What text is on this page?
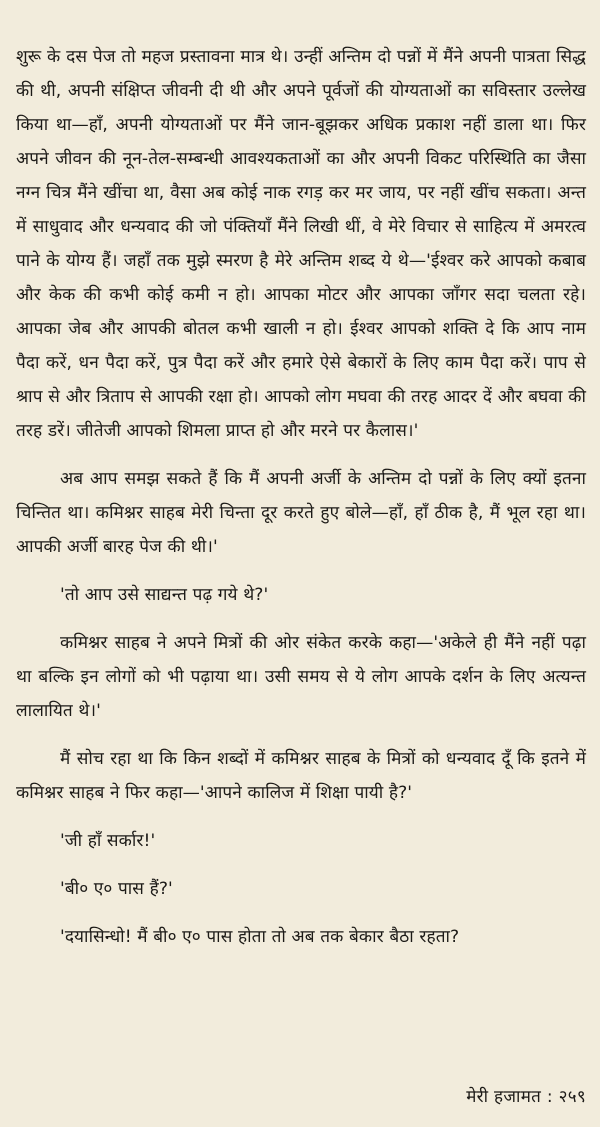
शुरू के दस पेज तो महज प्रस्तावना मात्र थे। उन्हीं अन्तिम दो पन्नों में मैंने अपनी पात्रता सिद्ध की थी, अपनी संक्षिप्त जीवनी दी थी और अपने पूर्वजों की योग्यताओं का सविस्तार उल्लेख किया था—हाँ, अपनी योग्यताओं पर मैंने जान-बूझकर अधिक प्रकाश नहीं डाला था। फिर अपने जीवन की नून-तेल-सम्बन्धी आवश्यकताओं का और अपनी विकट परिस्थिति का जैसा नग्न चित्र मैंने खींचा था, वैसा अब कोई नाक रगड़ कर मर जाय, पर नहीं खींच सकता। अन्त में साधुवाद और धन्यवाद की जो पंक्तियाँ मैंने लिखी थीं, वे मेरे विचार से साहित्य में अमरत्व पाने के योग्य हैं। जहाँ तक मुझे स्मरण है मेरे अन्तिम शब्द ये थे—'ईश्वर करे आपको कबाब और केक की कभी कोई कमी न हो। आपका मोटर और आपका जाँगर सदा चलता रहे। आपका जेब और आपकी बोतल कभी खाली न हो। ईश्वर आपको शक्ति दे कि आप नाम पैदा करें, धन पैदा करें, पुत्र पैदा करें और हमारे ऐसे बेकारों के लिए काम पैदा करें। पाप से श्राप से और त्रिताप से आपकी रक्षा हो। आपको लोग मघवा की तरह आदर दें और बघवा की तरह डरें। जीतेजी आपको शिमला प्राप्त हो और मरने पर कैलास।'

अब आप समझ सकते हैं कि मैं अपनी अर्जी के अन्तिम दो पन्नों के लिए क्यों इतना चिन्तित था। कमिश्नर साहब मेरी चिन्ता दूर करते हुए बोले—हाँ, हाँ ठीक है, मैं भूल रहा था। आपकी अर्जी बारह पेज की थी।'

'तो आप उसे साद्यन्त पढ़ गये थे?'

कमिश्नर साहब ने अपने मित्रों की ओर संकेत करके कहा—'अकेले ही मैंने नहीं पढ़ा था बल्कि इन लोगों को भी पढ़ाया था। उसी समय से ये लोग आपके दर्शन के लिए अत्यन्त लालायित थे।'

मैं सोच रहा था कि किन शब्दों में कमिश्नर साहब के मित्रों को धन्यवाद दूँ कि इतने में कमिश्नर साहब ने फिर कहा—'आपने कालिज में शिक्षा पायी है?'

'जी हाँ सर्कार!'

'बी० ए० पास हैं?'

'दयासिन्धो! मैं बी० ए० पास होता तो अब तक बेकार बैठा रहता?

मेरी हजामत : २५९
